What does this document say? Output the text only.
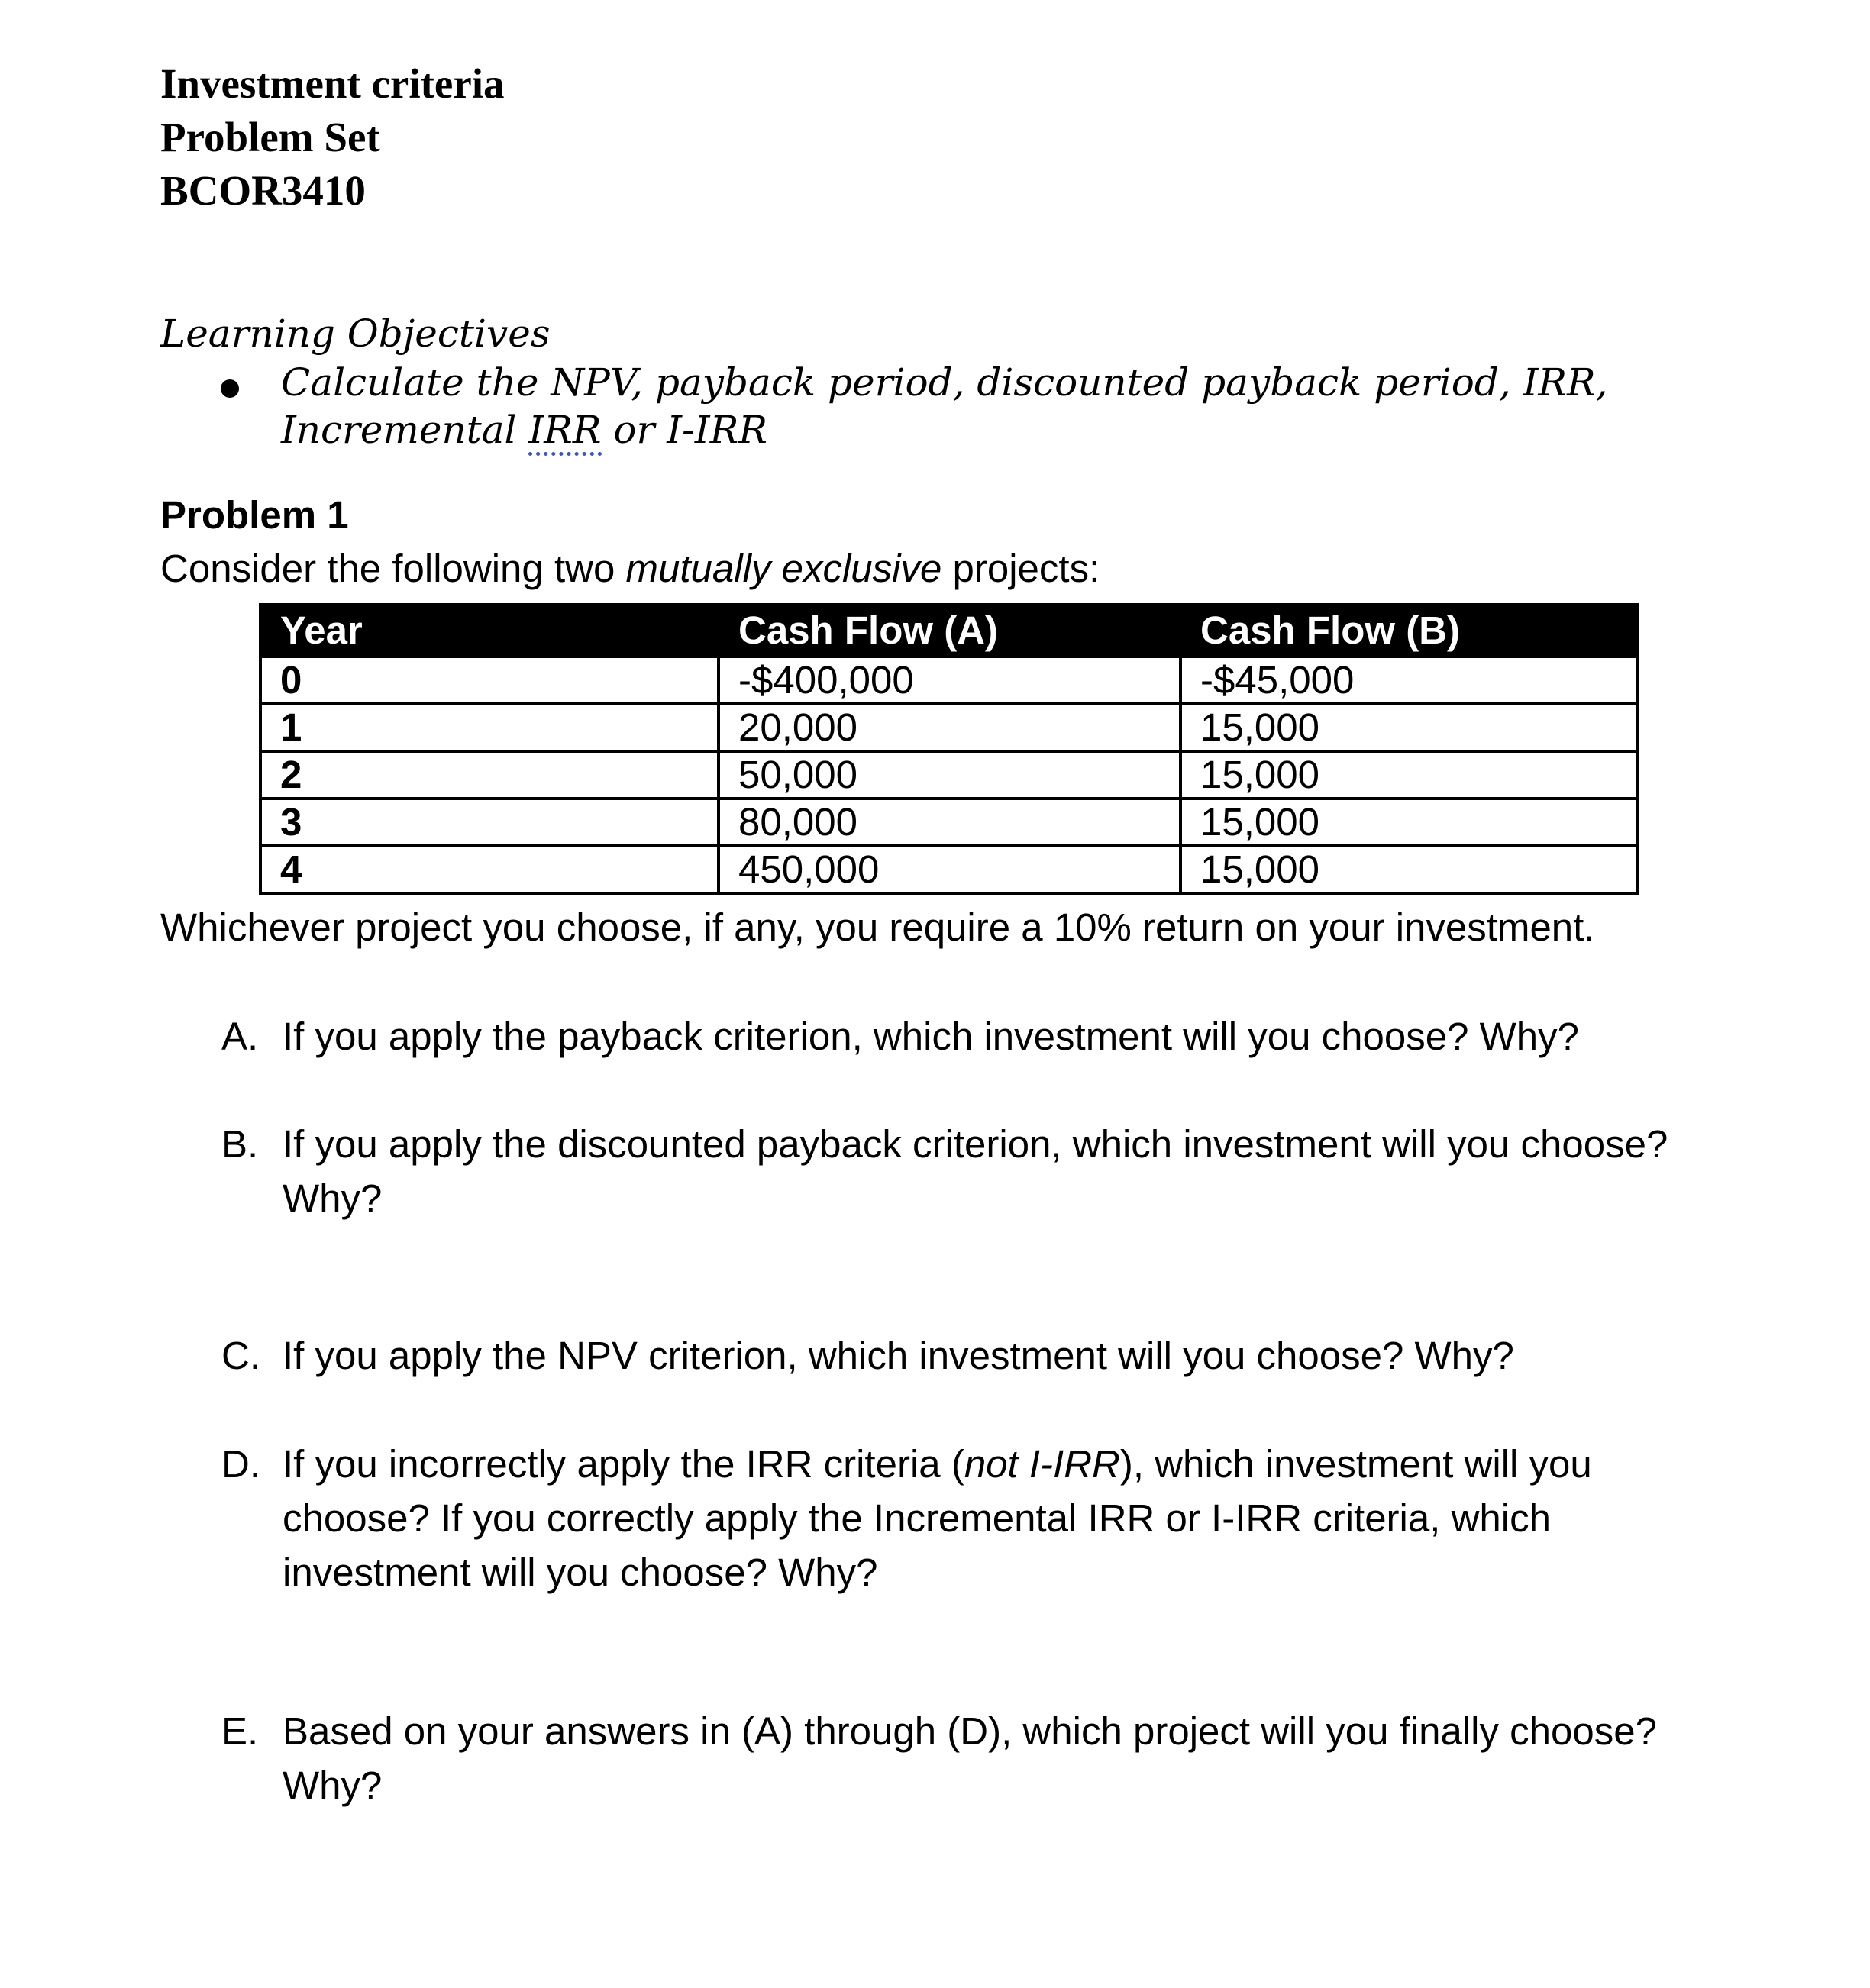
Investment criteria
Problem Set
BCOR3410
Learning Objectives
Calculate the NPV, payback period, discounted payback period, IRR,
Incremental IRR or I-IRR
Problem 1
Consider the following two mutually exclusive projects:
Year	Cash Flow (A)	Cash Flow (B)
0	-$400,000	-$45,000
1	20,000	15,000
2	50,000	15,000
3	80,000	15,000
4	450,000	15,000
Whichever project you choose, if any, you require a 10% return on your investment.
A. If you apply the payback criterion, which investment will you choose? Why?
B. If you apply the discounted payback criterion, which investment will you choose?
Why?
C. If you apply the NPV criterion, which investment will you choose? Why?
D. If you incorrectly apply the IRR criteria (not I-IRR), which investment will you
choose? If you correctly apply the Incremental IRR or I-IRR criteria, which
investment will you choose? Why?
E. Based on your answers in (A) through (D), which project will you finally choose?
Why?
